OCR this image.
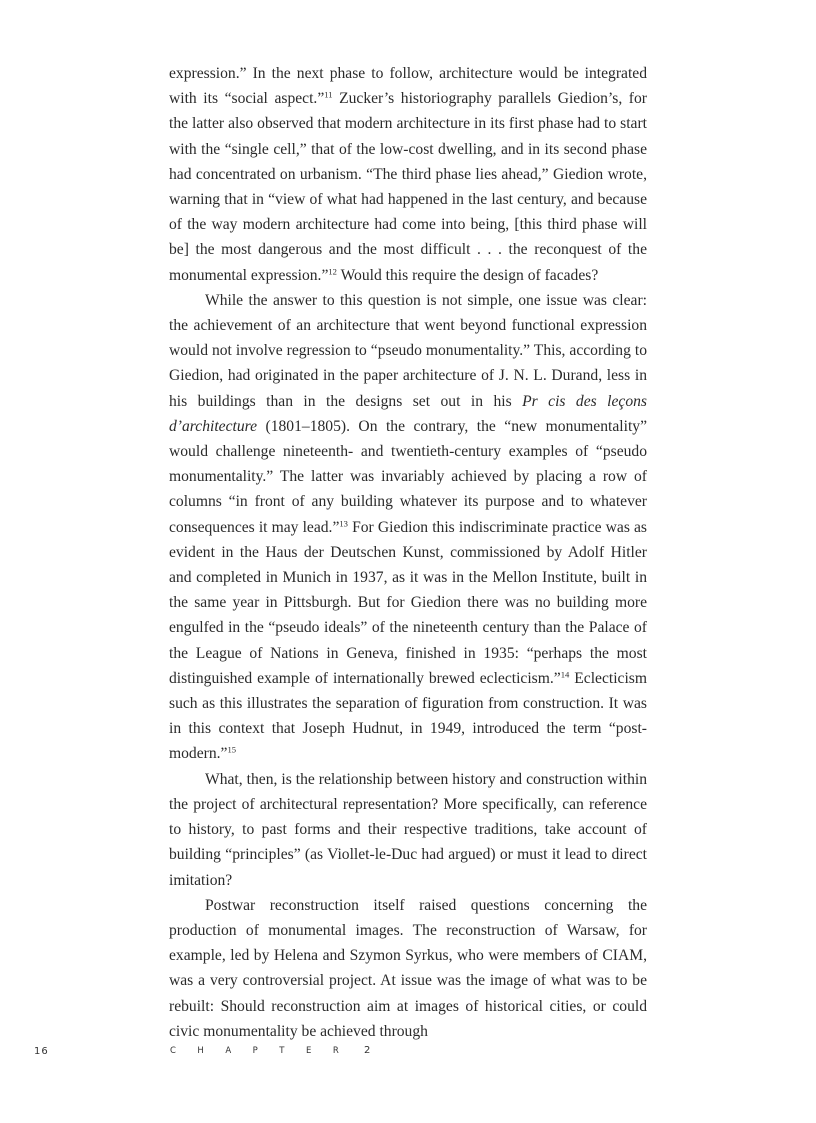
expression.” In the next phase to follow, architecture would be integrated with its “social aspect.”$^{11}$ Zucker’s historiography parallels Giedion’s, for the latter also observed that modern architecture in its first phase had to start with the “single cell,” that of the low-cost dwelling, and in its second phase had concentrated on urbanism. “The third phase lies ahead,” Giedion wrote, warning that in “view of what had happened in the last century, and because of the way modern architecture had come into being, [this third phase will be] the most dangerous and the most difficult . . . the reconquest of the monumental expression.”$^{12}$ Would this require the design of facades?

While the answer to this question is not simple, one issue was clear: the achievement of an architecture that went beyond functional expression would not involve regression to “pseudo monumentality.” This, according to Giedion, had originated in the paper architecture of J. N. L. Durand, less in his buildings than in the designs set out in his Pr cis des leçons d’architecture (1801–1805). On the contrary, the “new monumentality” would challenge nineteenth- and twentieth-century examples of “pseudo monumentality.” The latter was invariably achieved by placing a row of columns “in front of any building whatever its purpose and to whatever consequences it may lead.”$^{13}$ For Giedion this indiscriminate practice was as evident in the Haus der Deutschen Kunst, commissioned by Adolf Hitler and completed in Munich in 1937, as it was in the Mellon Institute, built in the same year in Pittsburgh. But for Giedion there was no building more engulfed in the “pseudo ideals” of the nineteenth century than the Palace of the League of Nations in Geneva, finished in 1935: “perhaps the most distinguished example of internationally brewed eclecticism.”$^{14}$ Eclecticism such as this illustrates the separation of figuration from construction. It was in this context that Joseph Hudnut, in 1949, introduced the term “post-modern.”$^{15}$

What, then, is the relationship between history and construction within the project of architectural representation? More specifically, can reference to history, to past forms and their respective traditions, take account of building “principles” (as Viollet-le-Duc had argued) or must it lead to direct imitation?

Postwar reconstruction itself raised questions concerning the production of monumental images. The reconstruction of Warsaw, for example, led by Helena and Szymon Syrkus, who were members of CIAM, was a very controversial project. At issue was the image of what was to be rebuilt: Should reconstruction aim at images of historical cities, or could civic monumentality be achieved through

16	CHAPTER 2
